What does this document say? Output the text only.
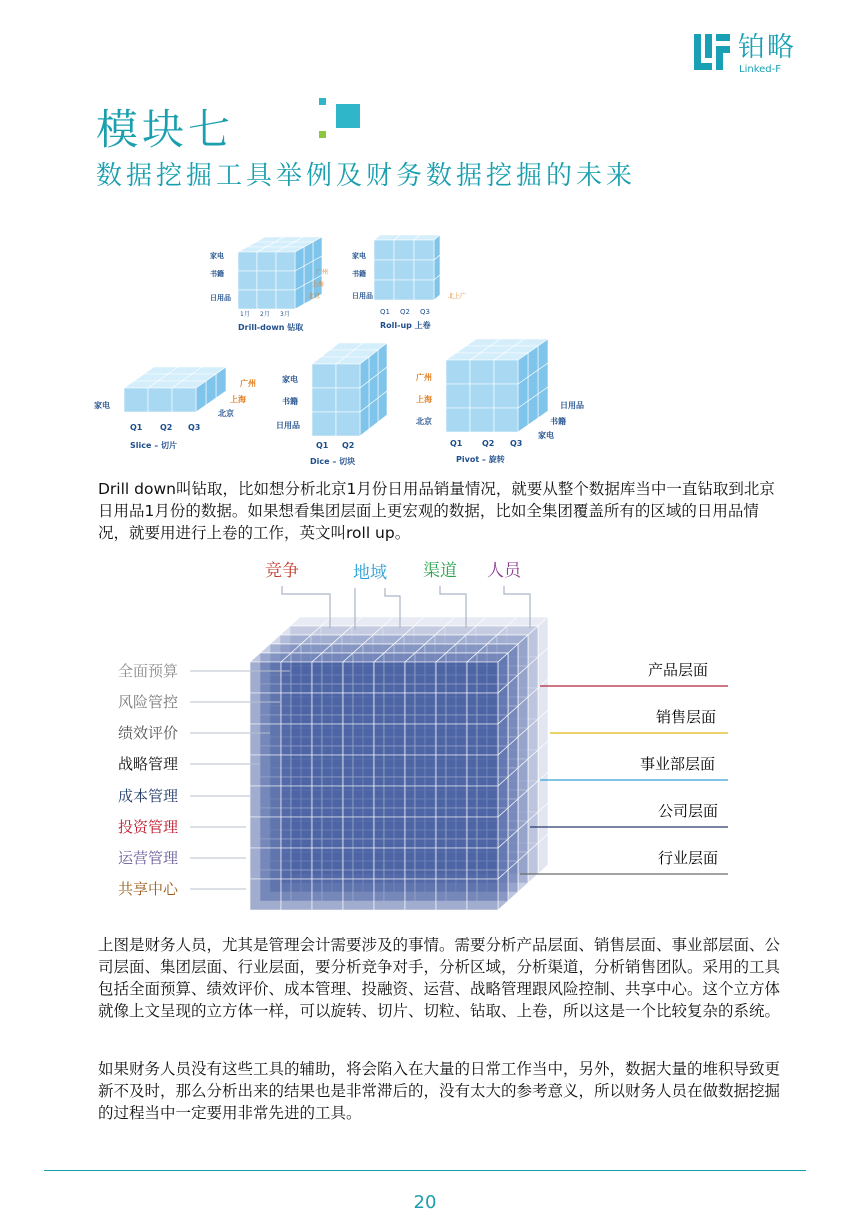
铂略
Linked-F
模块七
数据挖掘工具举例及财务数据挖掘的未来
家电
书籍
日用品
1月 2月 3月
广州
上海
北京
Drill-down 钻取
家电
书籍
日用品
Q1 Q2 Q3
北上广
Roll-up 上卷
家电
Q1 Q2 Q3
广州
上海
北京
Slice – 切片
家电
书籍
日用品
Q1 Q2
Dice – 切块
广州
上海
北京
Q1 Q2 Q3
日用品
书籍
家电
Pivot – 旋转
Drill down叫钻取，比如想分析北京1月份日用品销量情况，就要从整个数据库当中一直钻取到北京日用品1月份的数据。如果想看集团层面上更宏观的数据，比如全集团覆盖所有的区域的日用品情况，就要用进行上卷的工作，英文叫roll up。
竞争	地域 渠道 人员
全面预算
风险管控
绩效评价
战略管理
成本管理
投资管理
运营管理
共享中心
产品层面
销售层面
事业部层面
公司层面
行业层面
上图是财务人员，尤其是管理会计需要涉及的事情。需要分析产品层面、销售层面、事业部层面、公司层面、集团层面、行业层面，要分析竞争对手，分析区域，分析渠道，分析销售团队。采用的工具包括全面预算、绩效评价、成本管理、投融资、运营、战略管理跟风险控制、共享中心。这个立方体就像上文呈现的立方体一样，可以旋转、切片、切粒、钻取、上卷，所以这是一个比较复杂的系统。
如果财务人员没有这些工具的辅助，将会陷入在大量的日常工作当中，另外，数据大量的堆积导致更新不及时，那么分析出来的结果也是非常滞后的，没有太大的参考意义，所以财务人员在做数据挖掘的过程当中一定要用非常先进的工具。
20
